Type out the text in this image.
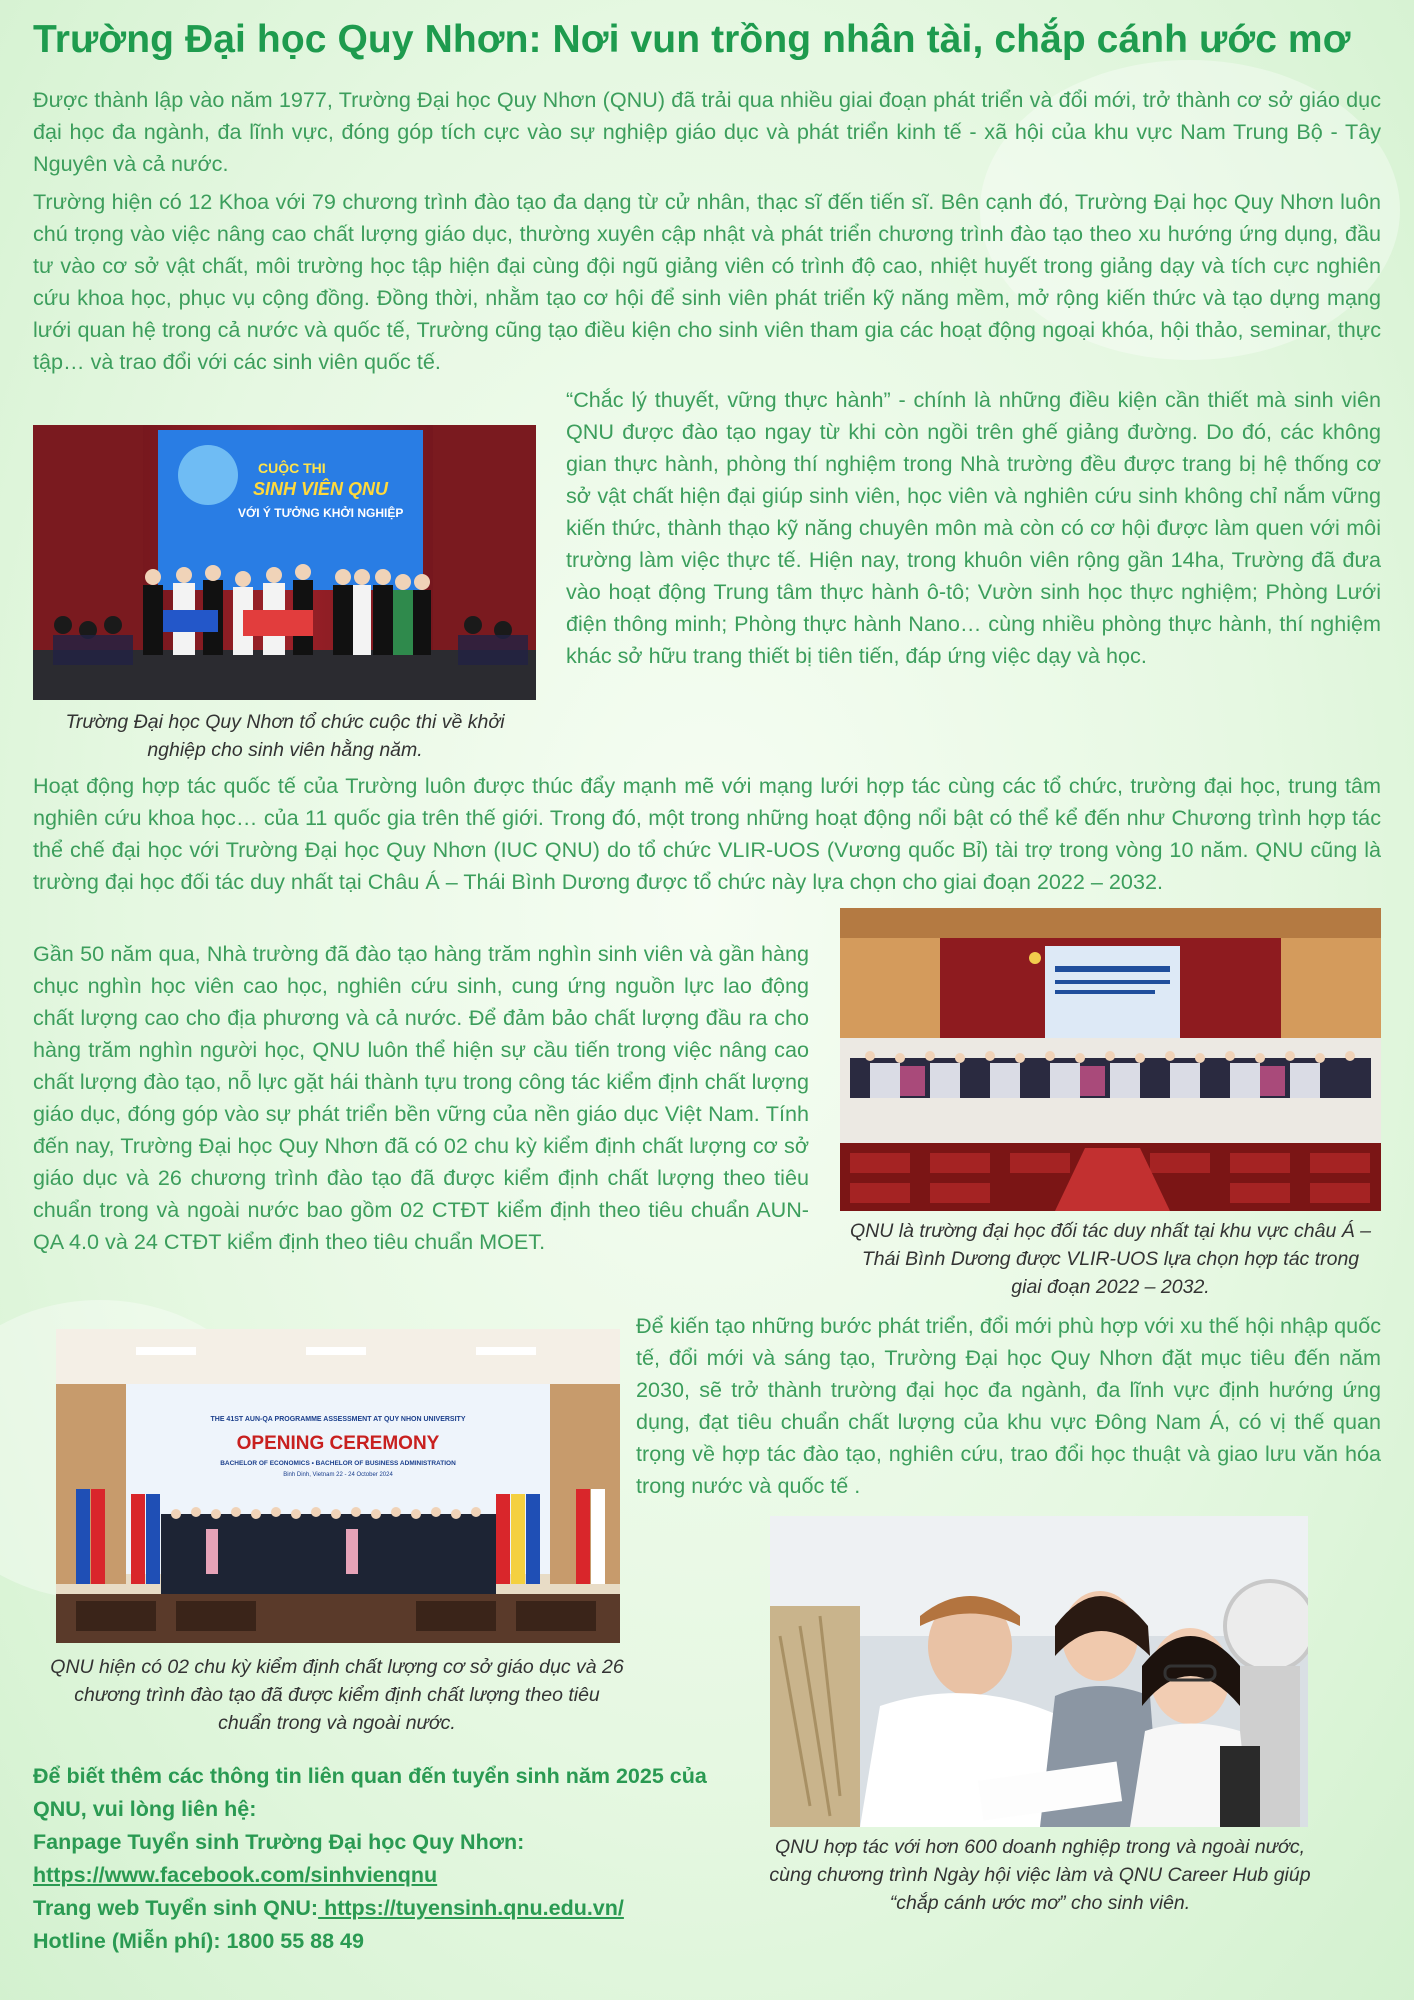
Trường Đại học Quy Nhơn: Nơi vun trồng nhân tài, chắp cánh ước mơ

Được thành lập vào năm 1977, Trường Đại học Quy Nhơn (QNU) đã trải qua nhiều giai đoạn phát triển và đổi mới, trở thành cơ sở giáo dục đại học đa ngành, đa lĩnh vực, đóng góp tích cực vào sự nghiệp giáo dục và phát triển kinh tế - xã hội của khu vực Nam Trung Bộ - Tây Nguyên và cả nước.

Trường hiện có 12 Khoa với 79 chương trình đào tạo đa dạng từ cử nhân, thạc sĩ đến tiến sĩ. Bên cạnh đó, Trường Đại học Quy Nhơn luôn chú trọng vào việc nâng cao chất lượng giáo dục, thường xuyên cập nhật và phát triển chương trình đào tạo theo xu hướng ứng dụng, đầu tư vào cơ sở vật chất, môi trường học tập hiện đại cùng đội ngũ giảng viên có trình độ cao, nhiệt huyết trong giảng dạy và tích cực nghiên cứu khoa học, phục vụ cộng đồng. Đồng thời, nhằm tạo cơ hội để sinh viên phát triển kỹ năng mềm, mở rộng kiến thức và tạo dựng mạng lưới quan hệ trong cả nước và quốc tế, Trường cũng tạo điều kiện cho sinh viên tham gia các hoạt động ngoại khóa, hội thảo, seminar, thực tập… và trao đổi với các sinh viên quốc tế.

CUỘC THI
SINH VIÊN QNU
VỚI Ý TƯỞNG KHỞI NGHIỆP
Trường Đại học Quy Nhơn tổ chức cuộc thi về khởi nghiệp cho sinh viên hằng năm.

“Chắc lý thuyết, vững thực hành” - chính là những điều kiện cần thiết mà sinh viên QNU được đào tạo ngay từ khi còn ngồi trên ghế giảng đường. Do đó, các không gian thực hành, phòng thí nghiệm trong Nhà trường đều được trang bị hệ thống cơ sở vật chất hiện đại giúp sinh viên, học viên và nghiên cứu sinh không chỉ nắm vững kiến thức, thành thạo kỹ năng chuyên môn mà còn có cơ hội được làm quen với môi trường làm việc thực tế. Hiện nay, trong khuôn viên rộng gần 14ha, Trường đã đưa vào hoạt động Trung tâm thực hành ô-tô; Vườn sinh học thực nghiệm; Phòng Lưới điện thông minh; Phòng thực hành Nano… cùng nhiều phòng thực hành, thí nghiệm khác sở hữu trang thiết bị tiên tiến, đáp ứng việc dạy và học.

Hoạt động hợp tác quốc tế của Trường luôn được thúc đẩy mạnh mẽ với mạng lưới hợp tác cùng các tổ chức, trường đại học, trung tâm nghiên cứu khoa học… của 11 quốc gia trên thế giới. Trong đó, một trong những hoạt động nổi bật có thể kể đến như Chương trình hợp tác thể chế đại học với Trường Đại học Quy Nhơn (IUC QNU) do tổ chức VLIR-UOS (Vương quốc Bỉ) tài trợ trong vòng 10 năm. QNU cũng là trường đại học đối tác duy nhất tại Châu Á – Thái Bình Dương được tổ chức này lựa chọn cho giai đoạn 2022 – 2032.

QNU là trường đại học đối tác duy nhất tại khu vực châu Á – Thái Bình Dương được VLIR-UOS lựa chọn hợp tác trong giai đoạn 2022 – 2032.

Gần 50 năm qua, Nhà trường đã đào tạo hàng trăm nghìn sinh viên và gần hàng chục nghìn học viên cao học, nghiên cứu sinh, cung ứng nguồn lực lao động chất lượng cao cho địa phương và cả nước. Để đảm bảo chất lượng đầu ra cho hàng trăm nghìn người học, QNU luôn thể hiện sự cầu tiến trong việc nâng cao chất lượng đào tạo, nỗ lực gặt hái thành tựu trong công tác kiểm định chất lượng giáo dục, đóng góp vào sự phát triển bền vững của nền giáo dục Việt Nam. Tính đến nay, Trường Đại học Quy Nhơn đã có 02 chu kỳ kiểm định chất lượng cơ sở giáo dục và 26 chương trình đào tạo đã được kiểm định chất lượng theo tiêu chuẩn trong và ngoài nước bao gồm 02 CTĐT kiểm định theo tiêu chuẩn AUN-QA 4.0 và 24 CTĐT kiểm định theo tiêu chuẩn MOET.

THE 41ST AUN-QA PROGRAMME ASSESSMENT AT QUY NHON UNIVERSITY
OPENING CEREMONY
BACHELOR OF ECONOMICS • BACHELOR OF BUSINESS ADMINISTRATION
Binh Dinh, Vietnam 22 - 24 October 2024
QNU hiện có 02 chu kỳ kiểm định chất lượng cơ sở giáo dục và 26 chương trình đào tạo đã được kiểm định chất lượng theo tiêu chuẩn trong và ngoài nước.

Để kiến tạo những bước phát triển, đổi mới phù hợp với xu thế hội nhập quốc tế, đổi mới và sáng tạo, Trường Đại học Quy Nhơn đặt mục tiêu đến năm 2030, sẽ trở thành trường đại học đa ngành, đa lĩnh vực định hướng ứng dụng, đạt tiêu chuẩn chất lượng của khu vực Đông Nam Á, có vị thế quan trọng về hợp tác đào tạo, nghiên cứu, trao đổi học thuật và giao lưu văn hóa trong nước và quốc tế .

QNU hợp tác với hơn 600 doanh nghiệp trong và ngoài nước, cùng chương trình Ngày hội việc làm và QNU Career Hub giúp “chắp cánh ước mơ” cho sinh viên.
Để biết thêm các thông tin liên quan đến tuyển sinh năm 2025 của QNU, vui lòng liên hệ:
Fanpage Tuyển sinh Trường Đại học Quy Nhơn:
https://www.facebook.com/sinhvienqnu
Trang web Tuyển sinh QNU: https://tuyensinh.qnu.edu.vn/
Hotline (Miễn phí): 1800 55 88 49
